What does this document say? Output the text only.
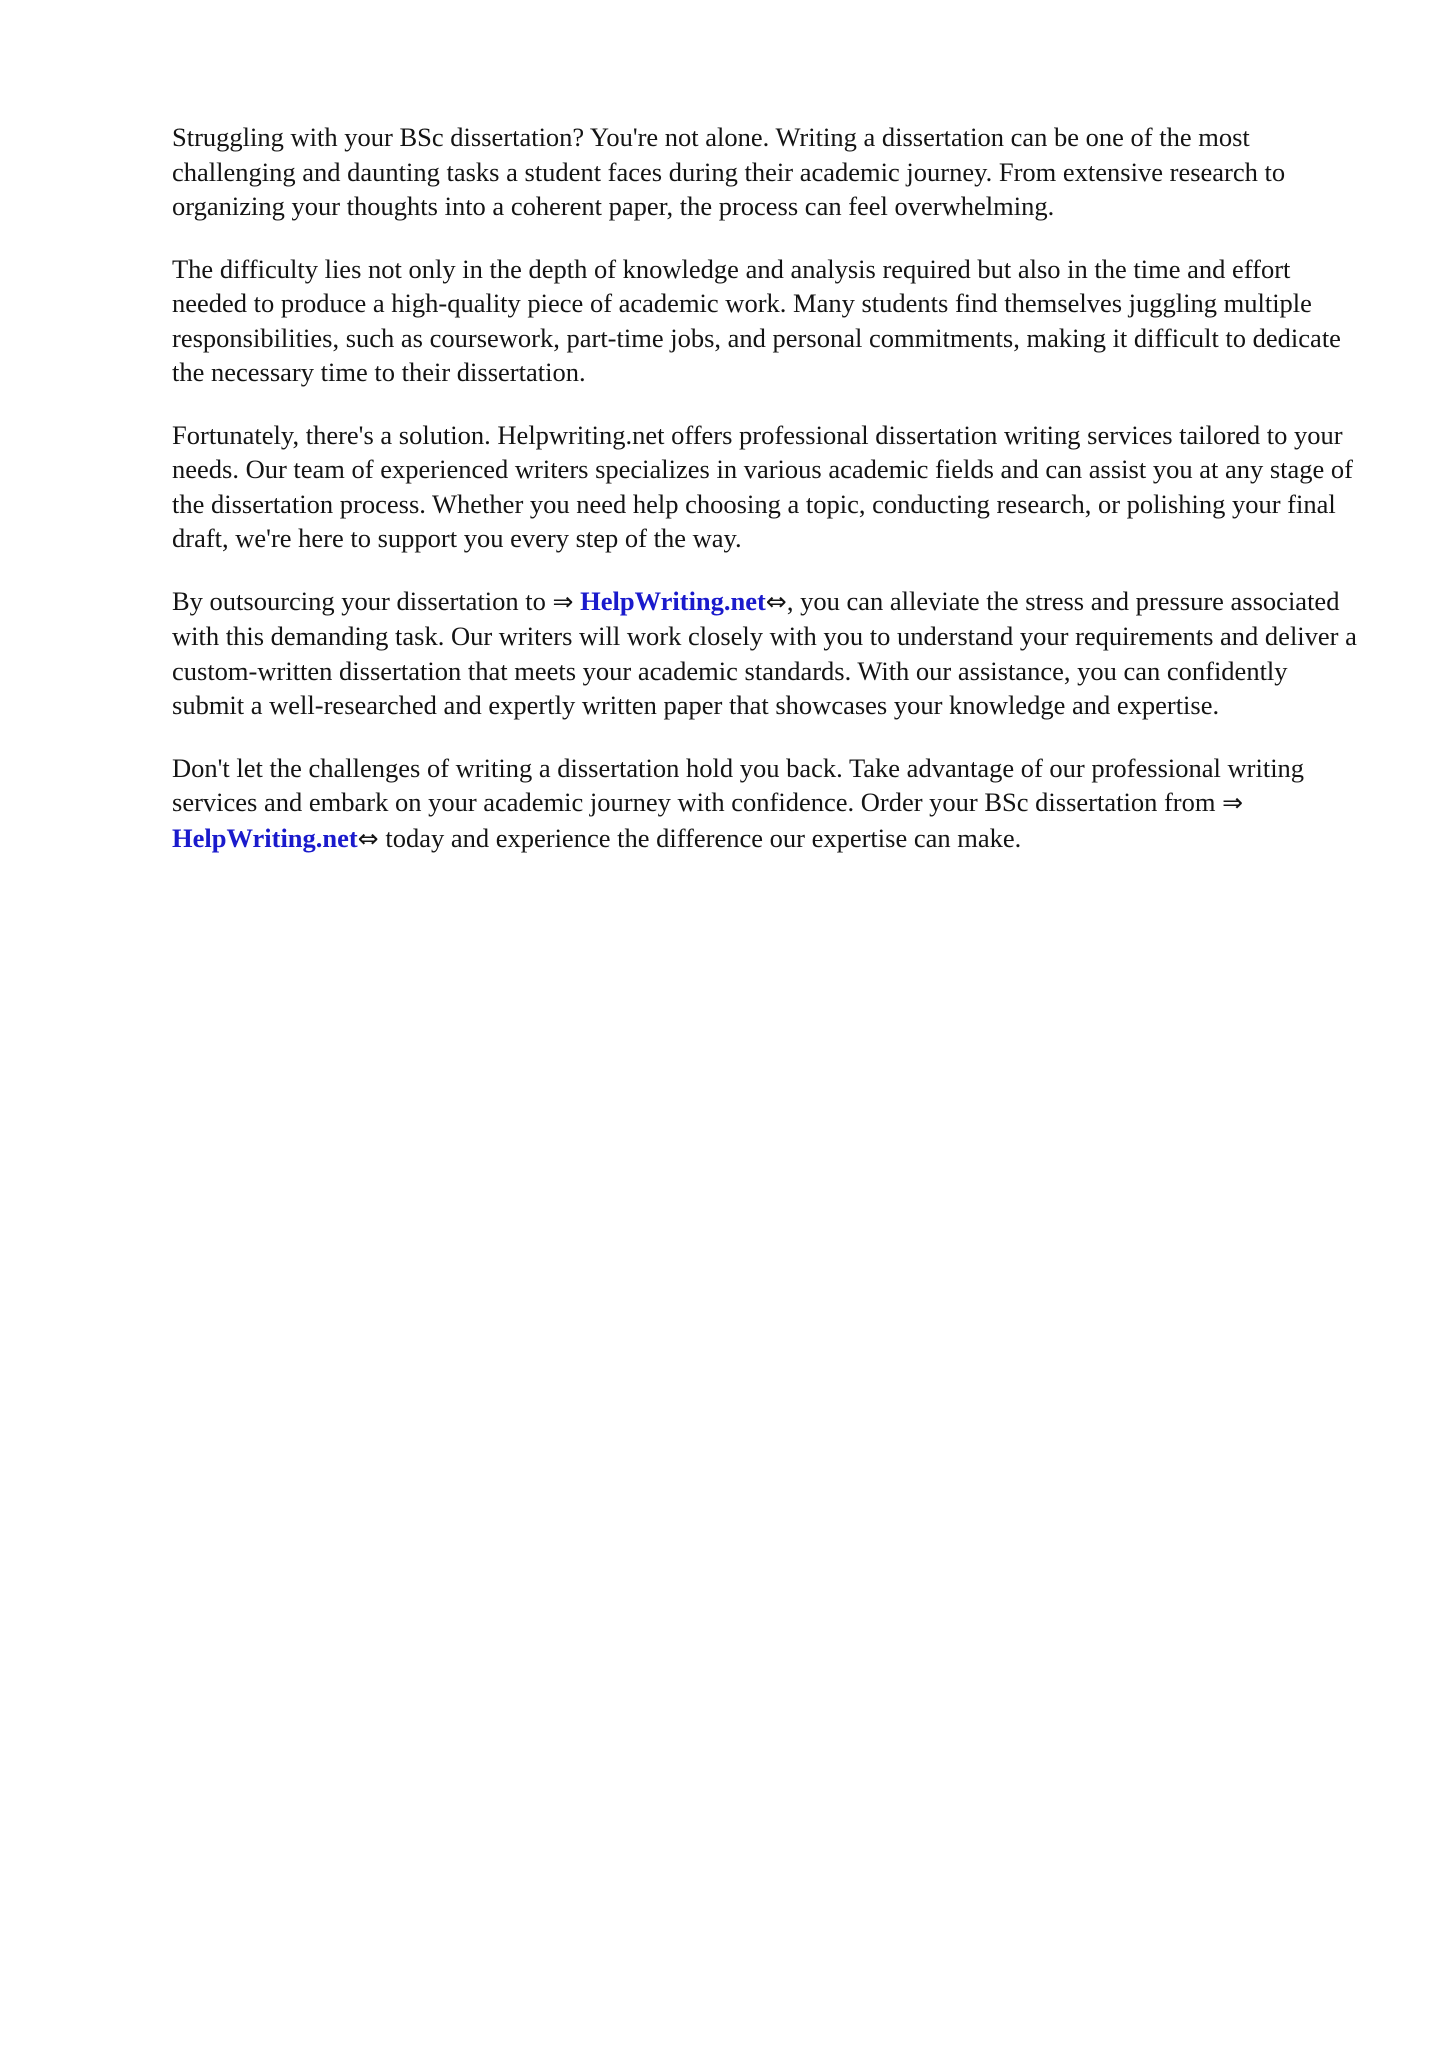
Struggling with your BSc dissertation? You're not alone. Writing a dissertation can be one of the most challenging and daunting tasks a student faces during their academic journey. From extensive research to organizing your thoughts into a coherent paper, the process can feel overwhelming.

The difficulty lies not only in the depth of knowledge and analysis required but also in the time and effort needed to produce a high-quality piece of academic work. Many students find themselves juggling multiple responsibilities, such as coursework, part-time jobs, and personal commitments, making it difficult to dedicate the necessary time to their dissertation.

Fortunately, there's a solution. Helpwriting.net offers professional dissertation writing services tailored to your needs. Our team of experienced writers specializes in various academic fields and can assist you at any stage of the dissertation process. Whether you need help choosing a topic, conducting research, or polishing your final draft, we're here to support you every step of the way.

By outsourcing your dissertation to ⇒ HelpWriting.net⇔, you can alleviate the stress and pressure associated with this demanding task. Our writers will work closely with you to understand your requirements and deliver a custom-written dissertation that meets your academic standards. With our assistance, you can confidently submit a well-researched and expertly written paper that showcases your knowledge and expertise.

Don't let the challenges of writing a dissertation hold you back. Take advantage of our professional writing services and embark on your academic journey with confidence. Order your BSc dissertation from ⇒ HelpWriting.net⇔ today and experience the difference our expertise can make.
